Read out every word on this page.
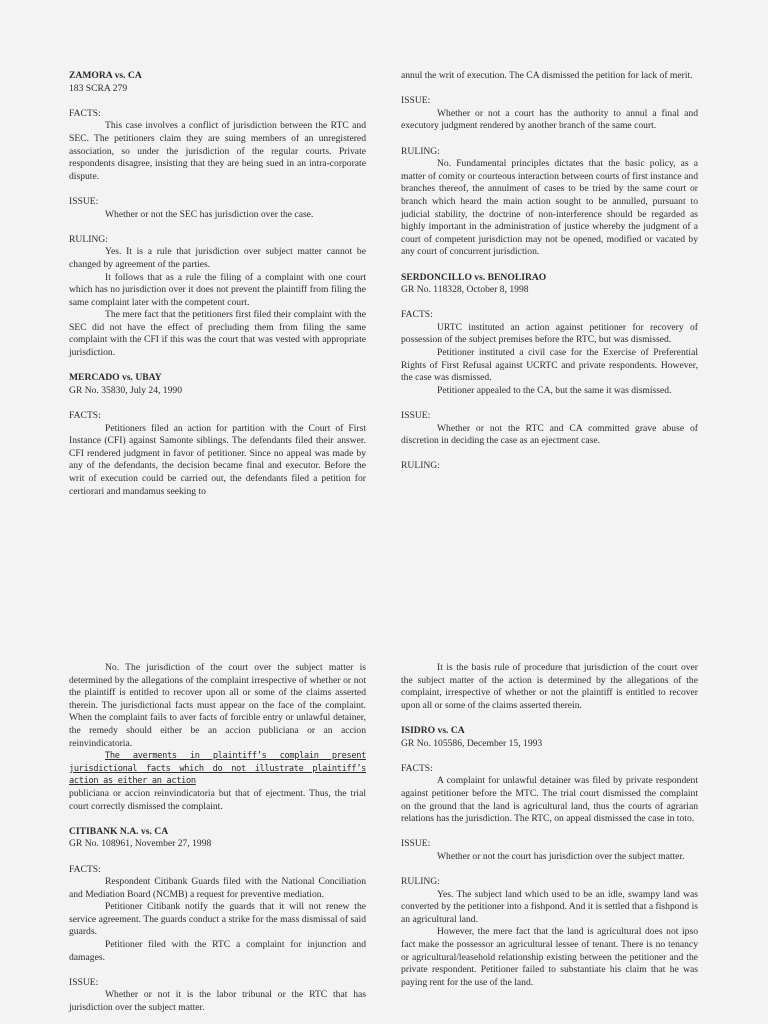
ZAMORA vs. CA

183 SCRA 279

FACTS:

This case involves a conflict of jurisdiction between the RTC and SEC. The petitioners claim they are suing members of an unregistered association, so under the jurisdiction of the regular courts. Private respondents disagree, insisting that they are being sued in an intra-corporate dispute.

ISSUE:

Whether or not the SEC has jurisdiction over the case.

RULING:

Yes. It is a rule that jurisdiction over subject matter cannot be changed by agreement of the parties.

It follows that as a rule the filing of a complaint with one court which has no jurisdiction over it does not prevent the plaintiff from filing the same complaint later with the competent court.

The mere fact that the petitioners first filed their complaint with the SEC did not have the effect of precluding them from filing the same complaint with the CFI if this was the court that was vested with appropriate jurisdiction.

MERCADO vs. UBAY

GR No. 35830, July 24, 1990

FACTS:

Petitioners filed an action for partition with the Court of First Instance (CFI) against Samonte siblings. The defendants filed their answer. CFI rendered judgment in favor of petitioner. Since no appeal was made by any of the defendants, the decision became final and executor. Before the writ of execution could be carried out, the defendants filed a petition for certiorari and mandamus seeking to

annul the writ of execution. The CA dismissed the petition for lack of merit.

ISSUE:

Whether or not a court has the authority to annul a final and executory judgment rendered by another branch of the same court.

RULING:

No. Fundamental principles dictates that the basic policy, as a matter of comity or courteous interaction between courts of first instance and branches thereof, the annulment of cases to be tried by the same court or branch which heard the main action sought to be annulled, pursuant to judicial stability, the doctrine of non-interference should be regarded as highly important in the administration of justice whereby the judgment of a court of competent jurisdiction may not be opened, modified or vacated by any court of concurrent jurisdiction.

SERDONCILLO vs. BENOLIRAO

GR No. 118328, October 8, 1998

FACTS:

URTC instituted an action against petitioner for recovery of possession of the subject premises before the RTC, but was dismissed.

Petitioner instituted a civil case for the Exercise of Preferential Rights of First Refusal against UCRTC and private respondents. However, the case was dismissed.

Petitioner appealed to the CA, but the same it was dismissed.

ISSUE:

Whether or not the RTC and CA committed grave abuse of discretion in deciding the case as an ejectment case.

RULING:

No. The jurisdiction of the court over the subject matter is determined by the allegations of the complaint irrespective of whether or not the plaintiff is entitled to recover upon all or some of the claims asserted therein. The jurisdictional facts must appear on the face of the complaint. When the complaint fails to aver facts of forcible entry or unlawful detainer, the remedy should either be an accion publiciana or an accion reinvindicatoria.

The averments in plaintiff’s complain present jurisdictional facts which do not illustrate plaintiff’s action as either an action

publiciana or accion reinvindicatoria but that of ejectment. Thus, the trial court correctly dismissed the complaint.

CITIBANK N.A. vs. CA

GR No. 108961, November 27, 1998

FACTS:

Respondent Citibank Guards filed with the National Conciliation and Mediation Board (NCMB) a request for preventive mediation.

Petitioner Citibank notify the guards that it will not renew the service agreement. The guards conduct a strike for the mass dismissal of said guards.

Petitioner filed with the RTC a complaint for injunction and damages.

ISSUE:

Whether or not it is the labor tribunal or the RTC that has jurisdiction over the subject matter.

It is the basis rule of procedure that jurisdiction of the court over the subject matter of the action is determined by the allegations of the complaint, irrespective of whether or not the plaintiff is entitled to recover upon all or some of the claims asserted therein.

ISIDRO vs. CA

GR No. 105586, December 15, 1993

FACTS:

A complaint for unlawful detainer was filed by private respondent against petitioner before the MTC. The trial court dismissed the complaint on the ground that the land is agricultural land, thus the courts of agrarian relations has the jurisdiction. The RTC, on appeal dismissed the case in toto.

ISSUE:

Whether or not the court has jurisdiction over the subject matter.

RULING:

Yes. The subject land which used to be an idle, swampy land was converted by the petitioner into a fishpond. And it is settled that a fishpond is an agricultural land.

However, the mere fact that the land is agricultural does not ipso fact make the possessor an agricultural lessee of tenant. There is no tenancy or agricultural/leasehold relationship existing between the petitioner and the private respondent. Petitioner failed to substantiate his claim that he was paying rent for the use of the land.
